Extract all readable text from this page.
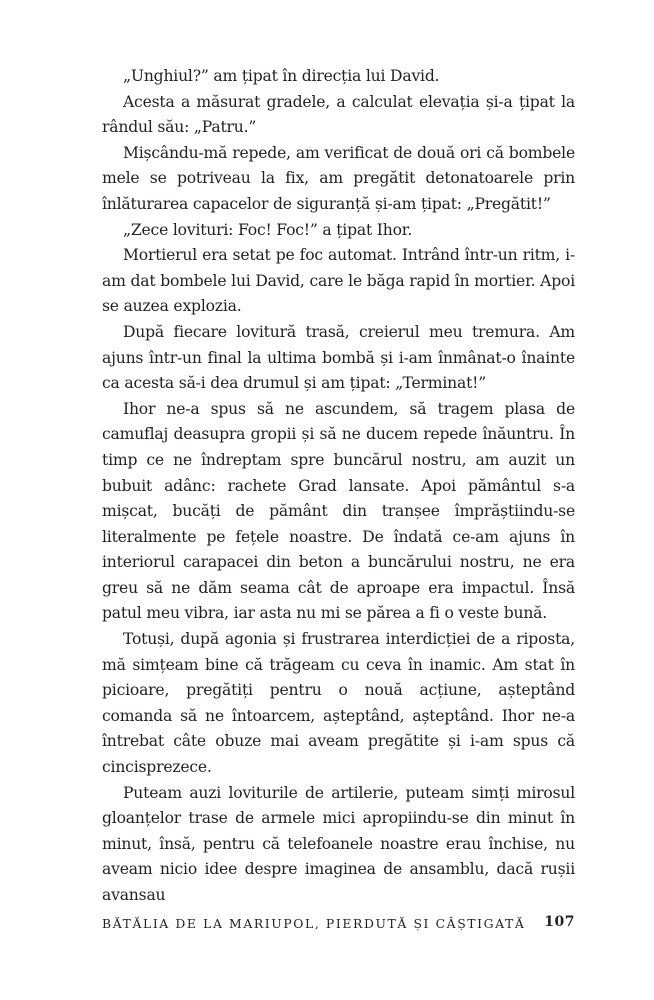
„Unghiul?” am țipat în direcția lui David.

Acesta a măsurat gradele, a calculat elevația și-a țipat la rândul său: „Patru.”

Mișcându-mă repede, am verificat de două ori că bombele mele se potriveau la fix, am pregătit detonatoarele prin înlăturarea capacelor de siguranță și-am țipat: „Pregătit!”

„Zece lovituri: Foc! Foc!” a țipat Ihor.

Mortierul era setat pe foc automat. Intrând într-un ritm, i-am dat bombele lui David, care le băga rapid în mortier. Apoi se auzea explozia.

După fiecare lovitură trasă, creierul meu tremura. Am ajuns într-un final la ultima bombă și i-am înmânat-o înainte ca acesta să-i dea drumul și am țipat: „Terminat!”

Ihor ne-a spus să ne ascundem, să tragem plasa de camuflaj deasupra gropii și să ne ducem repede înăuntru. În timp ce ne îndreptam spre buncărul nostru, am auzit un bubuit adânc: rachete Grad lansate. Apoi pământul s-a mișcat, bucăți de pământ din tranșee împrăștiindu-se literalmente pe fețele noastre. De îndată ce-am ajuns în interiorul carapacei din beton a buncărului nostru, ne era greu să ne dăm seama cât de aproape era impactul. Însă patul meu vibra, iar asta nu mi se părea a fi o veste bună.

Totuși, după agonia și frustrarea interdicției de a riposta, mă simțeam bine că trăgeam cu ceva în inamic. Am stat în picioare, pregătiți pentru o nouă acțiune, așteptând comanda să ne întoarcem, așteptând, așteptând. Ihor ne-a întrebat câte obuze mai aveam pregătite și i-am spus că cincisprezece.

Puteam auzi loviturile de artilerie, puteam simți mirosul gloanțelor trase de armele mici apropiindu-se din minut în minut, însă, pentru că telefoanele noastre erau închise, nu aveam nicio idee despre imaginea de ansamblu, dacă rușii avansau

BĂTĂLIA DE LA MARIUPOL, PIERDUTĂ ȘI CÂȘTIGATĂ 107
